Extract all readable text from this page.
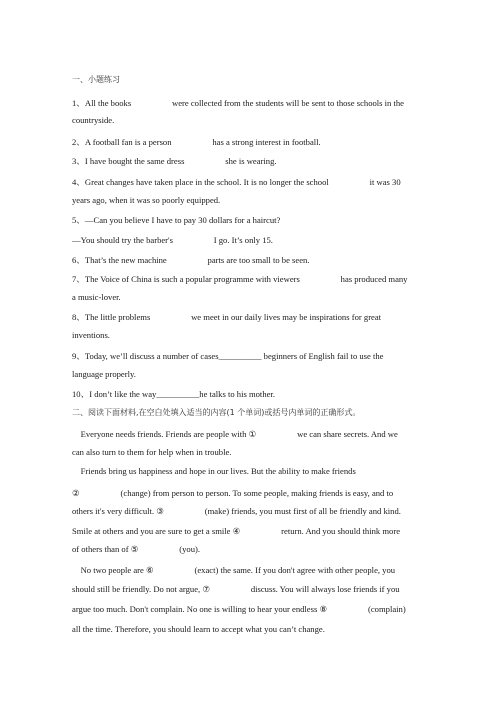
一、小题练习
1、All the books                   were collected from the students will be sent to those schools in the
countryside.
2、A football fan is a person                   has a strong interest in football.
3、I have bought the same dress                   she is wearing.
4、Great changes have taken place in the school. It is no longer the school                   it was 30
years ago, when it was so poorly equipped.
5、—Can you believe I have to pay 30 dollars for a haircut?
—You should try the barber's                   I go. It’s only 15.
6、That’s the new machine                   parts are too small to be seen.
7、The Voice of China is such a popular programme with viewers                   has produced many
a music-lover.
8、The little problems                   we meet in our daily lives may be inspirations for great
inventions.
9、Today, we’ll discuss a number of cases__________ beginners of English fail to use the
language properly.
10、I don’t like the way__________he talks to his mother.
二、阅读下面材料,在空白处填入适当的内容(1 个单词)或括号内单词的正确形式。
Everyone needs friends. Friends are people with ①                   we can share secrets. And we
can also turn to them for help when in trouble.
Friends bring us happiness and hope in our lives. But the ability to make friends
②                   (change) from person to person. To some people, making friends is easy, and to
others it's very difficult. ③                   (make) friends, you must first of all be friendly and kind.
Smile at others and you are sure to get a smile ④                   return. And you should think more
of others than of ⑤                   (you).
No two people are ⑥                   (exact) the same. If you don't agree with other people, you
should still be friendly. Do not argue, ⑦                   discuss. You will always lose friends if you
argue too much. Don't complain. No one is willing to hear your endless ⑧                   (complain)
all the time. Therefore, you should learn to accept what you can’t change.
